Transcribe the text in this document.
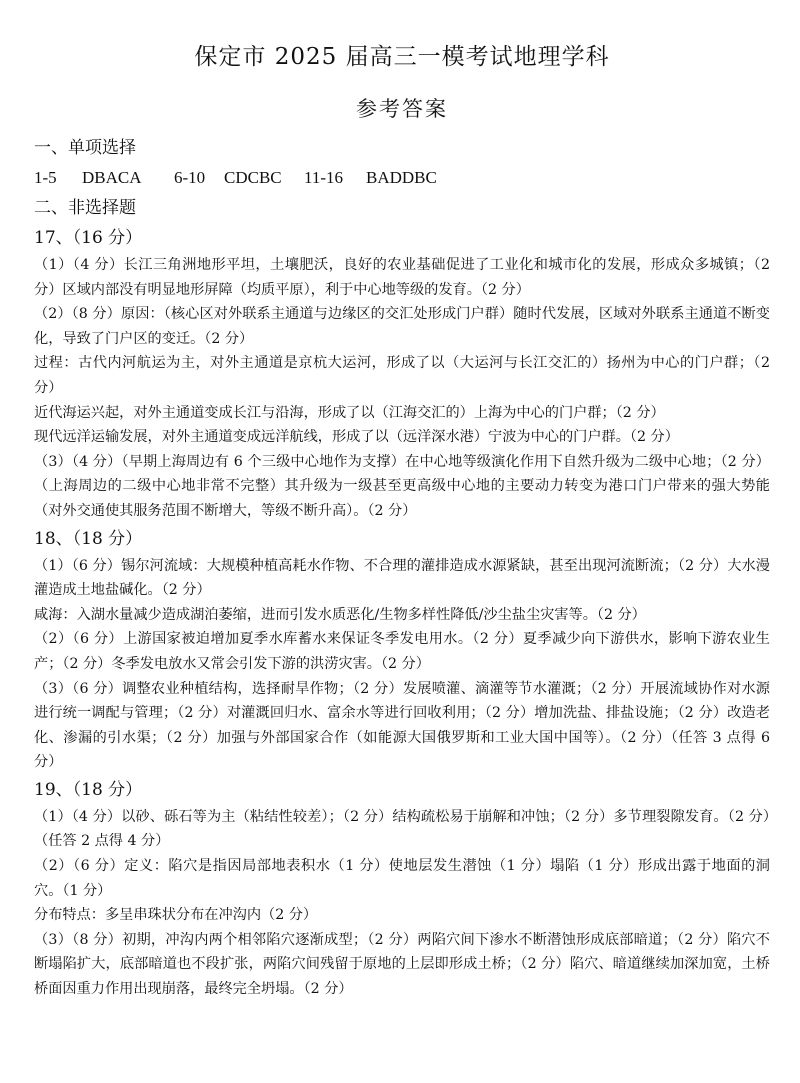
保定市 2025 届高三一模考试地理学科
参考答案
一、单项选择
1-5 DBACA 6-10 CDCBC 11-16 BADDBC
二、非选择题
17、（16 分）

（1）（4 分）长江三角洲地形平坦，土壤肥沃，良好的农业基础促进了工业化和城市化的发展，形成众多城镇；（2 分）区域内部没有明显地形屏障（均质平原），利于中心地等级的发育。（2 分）

（2）（8 分）原因：（核心区对外联系主通道与边缘区的交汇处形成门户群）随时代发展，区域对外联系主通道不断变化，导致了门户区的变迁。（2 分）

过程：古代内河航运为主，对外主通道是京杭大运河，形成了以（大运河与长江交汇的）扬州为中心的门户群；（2 分）

近代海运兴起，对外主通道变成长江与沿海，形成了以（江海交汇的）上海为中心的门户群；（2 分）

现代远洋运输发展，对外主通道变成远洋航线，形成了以（远洋深水港）宁波为中心的门户群。（2 分）

（3）（4 分）（早期上海周边有 6 个三级中心地作为支撑）在中心地等级演化作用下自然升级为二级中心地；（2 分）（上海周边的二级中心地非常不完整）其升级为一级甚至更高级中心地的主要动力转变为港口门户带来的强大势能（对外交通使其服务范围不断增大，等级不断升高）。（2 分）

18、（18 分）

（1）（6 分）锡尔河流域：大规模种植高耗水作物、不合理的灌排造成水源紧缺，甚至出现河流断流；（2 分）大水漫灌造成土地盐碱化。（2 分）

咸海：入湖水量减少造成湖泊萎缩，进而引发水质恶化/生物多样性降低/沙尘盐尘灾害等。（2 分）

（2）（6 分）上游国家被迫增加夏季水库蓄水来保证冬季发电用水。（2 分）夏季减少向下游供水，影响下游农业生产；（2 分）冬季发电放水又常会引发下游的洪涝灾害。（2 分）

（3）（6 分）调整农业种植结构，选择耐旱作物；（2 分）发展喷灌、滴灌等节水灌溉；（2 分）开展流域协作对水源进行统一调配与管理；（2 分）对灌溉回归水、富余水等进行回收利用；（2 分）增加洗盐、排盐设施；（2 分）改造老化、渗漏的引水渠；（2 分）加强与外部国家合作（如能源大国俄罗斯和工业大国中国等）。（2 分）（任答 3 点得 6 分）

19、（18 分）

（1）（4 分）以砂、砾石等为主（粘结性较差）；（2 分）结构疏松易于崩解和冲蚀；（2 分）多节理裂隙发育。（2 分）（任答 2 点得 4 分）

（2）（6 分）定义：陷穴是指因局部地表积水（1 分）使地层发生潜蚀（1 分）塌陷（1 分）形成出露于地面的洞穴。（1 分）

分布特点：多呈串珠状分布在冲沟内（2 分）

（3）（8 分）初期，冲沟内两个相邻陷穴逐渐成型；（2 分）两陷穴间下渗水不断潜蚀形成底部暗道；（2 分）陷穴不断塌陷扩大，底部暗道也不段扩张，两陷穴间残留于原地的上层即形成土桥；（2 分）陷穴、暗道继续加深加宽，土桥桥面因重力作用出现崩落，最终完全坍塌。（2 分）
